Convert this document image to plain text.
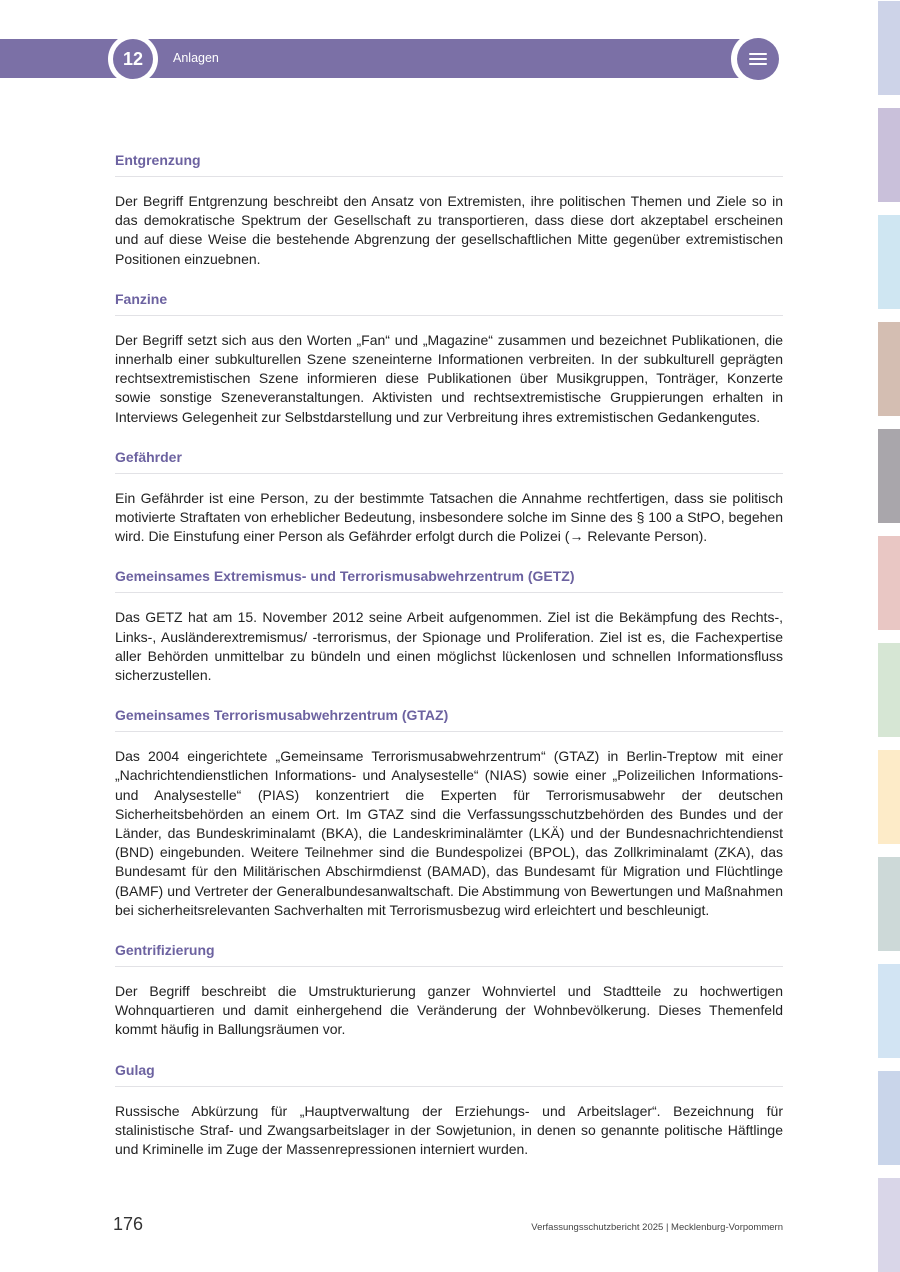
12	Anlagen
Entgrenzung

Der Begriff Entgrenzung beschreibt den Ansatz von Extremisten, ihre politischen Themen und Ziele so in das demokratische Spektrum der Gesellschaft zu transportieren, dass diese dort akzeptabel erscheinen und auf diese Weise die bestehende Abgrenzung der gesellschaftlichen Mitte gegenüber extremistischen Positionen einzuebnen.

Fanzine

Der Begriff setzt sich aus den Worten „Fan“ und „Magazine“ zusammen und bezeichnet Publikationen, die innerhalb einer subkulturellen Szene szeneinterne Informationen verbreiten. In der subkulturell geprägten rechtsextremistischen Szene informieren diese Publikationen über Musikgruppen, Tonträger, Konzerte sowie sonstige Szeneveranstaltungen. Aktivisten und rechtsextremistische Gruppierungen erhalten in Interviews Gelegenheit zur Selbstdarstellung und zur Verbreitung ihres extremistischen Gedankengutes.

Gefährder

Ein Gefährder ist eine Person, zu der bestimmte Tatsachen die Annahme rechtfertigen, dass sie politisch motivierte Straftaten von erheblicher Bedeutung, insbesondere solche im Sinne des § 100 a StPO, begehen wird. Die Einstufung einer Person als Gefährder erfolgt durch die Polizei (→ Relevante Person).

Gemeinsames Extremismus- und Terrorismusabwehrzentrum (GETZ)

Das GETZ hat am 15. November 2012 seine Arbeit aufgenommen. Ziel ist die Bekämpfung des Rechts-, Links-, Ausländerextremismus/ -terrorismus, der Spionage und Proliferation. Ziel ist es, die Fachexpertise aller Behörden unmittelbar zu bündeln und einen möglichst lückenlosen und schnellen Informationsfluss sicherzustellen.

Gemeinsames Terrorismusabwehrzentrum (GTAZ)

Das 2004 eingerichtete „Gemeinsame Terrorismusabwehrzentrum“ (GTAZ) in Berlin-Treptow mit einer „Nachrichtendienstlichen Informations- und Analysestelle“ (NIAS) sowie einer „Polizeilichen Informations- und Analysestelle“ (PIAS) konzentriert die Experten für Terrorismusabwehr der deutschen Sicherheitsbehörden an einem Ort. Im GTAZ sind die Verfassungsschutzbehörden des Bundes und der Länder, das Bundeskriminalamt (BKA), die Landeskriminalämter (LKÄ) und der Bundesnachrichtendienst (BND) eingebunden. Weitere Teilnehmer sind die Bundespolizei (BPOL), das Zollkriminalamt (ZKA), das Bundesamt für den Militärischen Abschirmdienst (BAMAD), das Bundesamt für Migration und Flüchtlinge (BAMF) und Vertreter der Generalbundesanwaltschaft. Die Abstimmung von Bewertungen und Maßnahmen bei sicherheitsrelevanten Sachverhalten mit Terrorismusbezug wird erleichtert und beschleunigt.

Gentrifizierung

Der Begriff beschreibt die Umstrukturierung ganzer Wohnviertel und Stadtteile zu hochwertigen Wohnquartieren und damit einhergehend die Veränderung der Wohnbevölkerung. Dieses Themenfeld kommt häufig in Ballungsräumen vor.

Gulag

Russische Abkürzung für „Hauptverwaltung der Erziehungs- und Arbeitslager“. Bezeichnung für stalinistische Straf- und Zwangsarbeitslager in der Sowjetunion, in denen so genannte politische Häftlinge und Kriminelle im Zuge der Massenrepressionen interniert wurden.

176	Verfassungsschutzbericht 2025 | Mecklenburg-Vorpommern
